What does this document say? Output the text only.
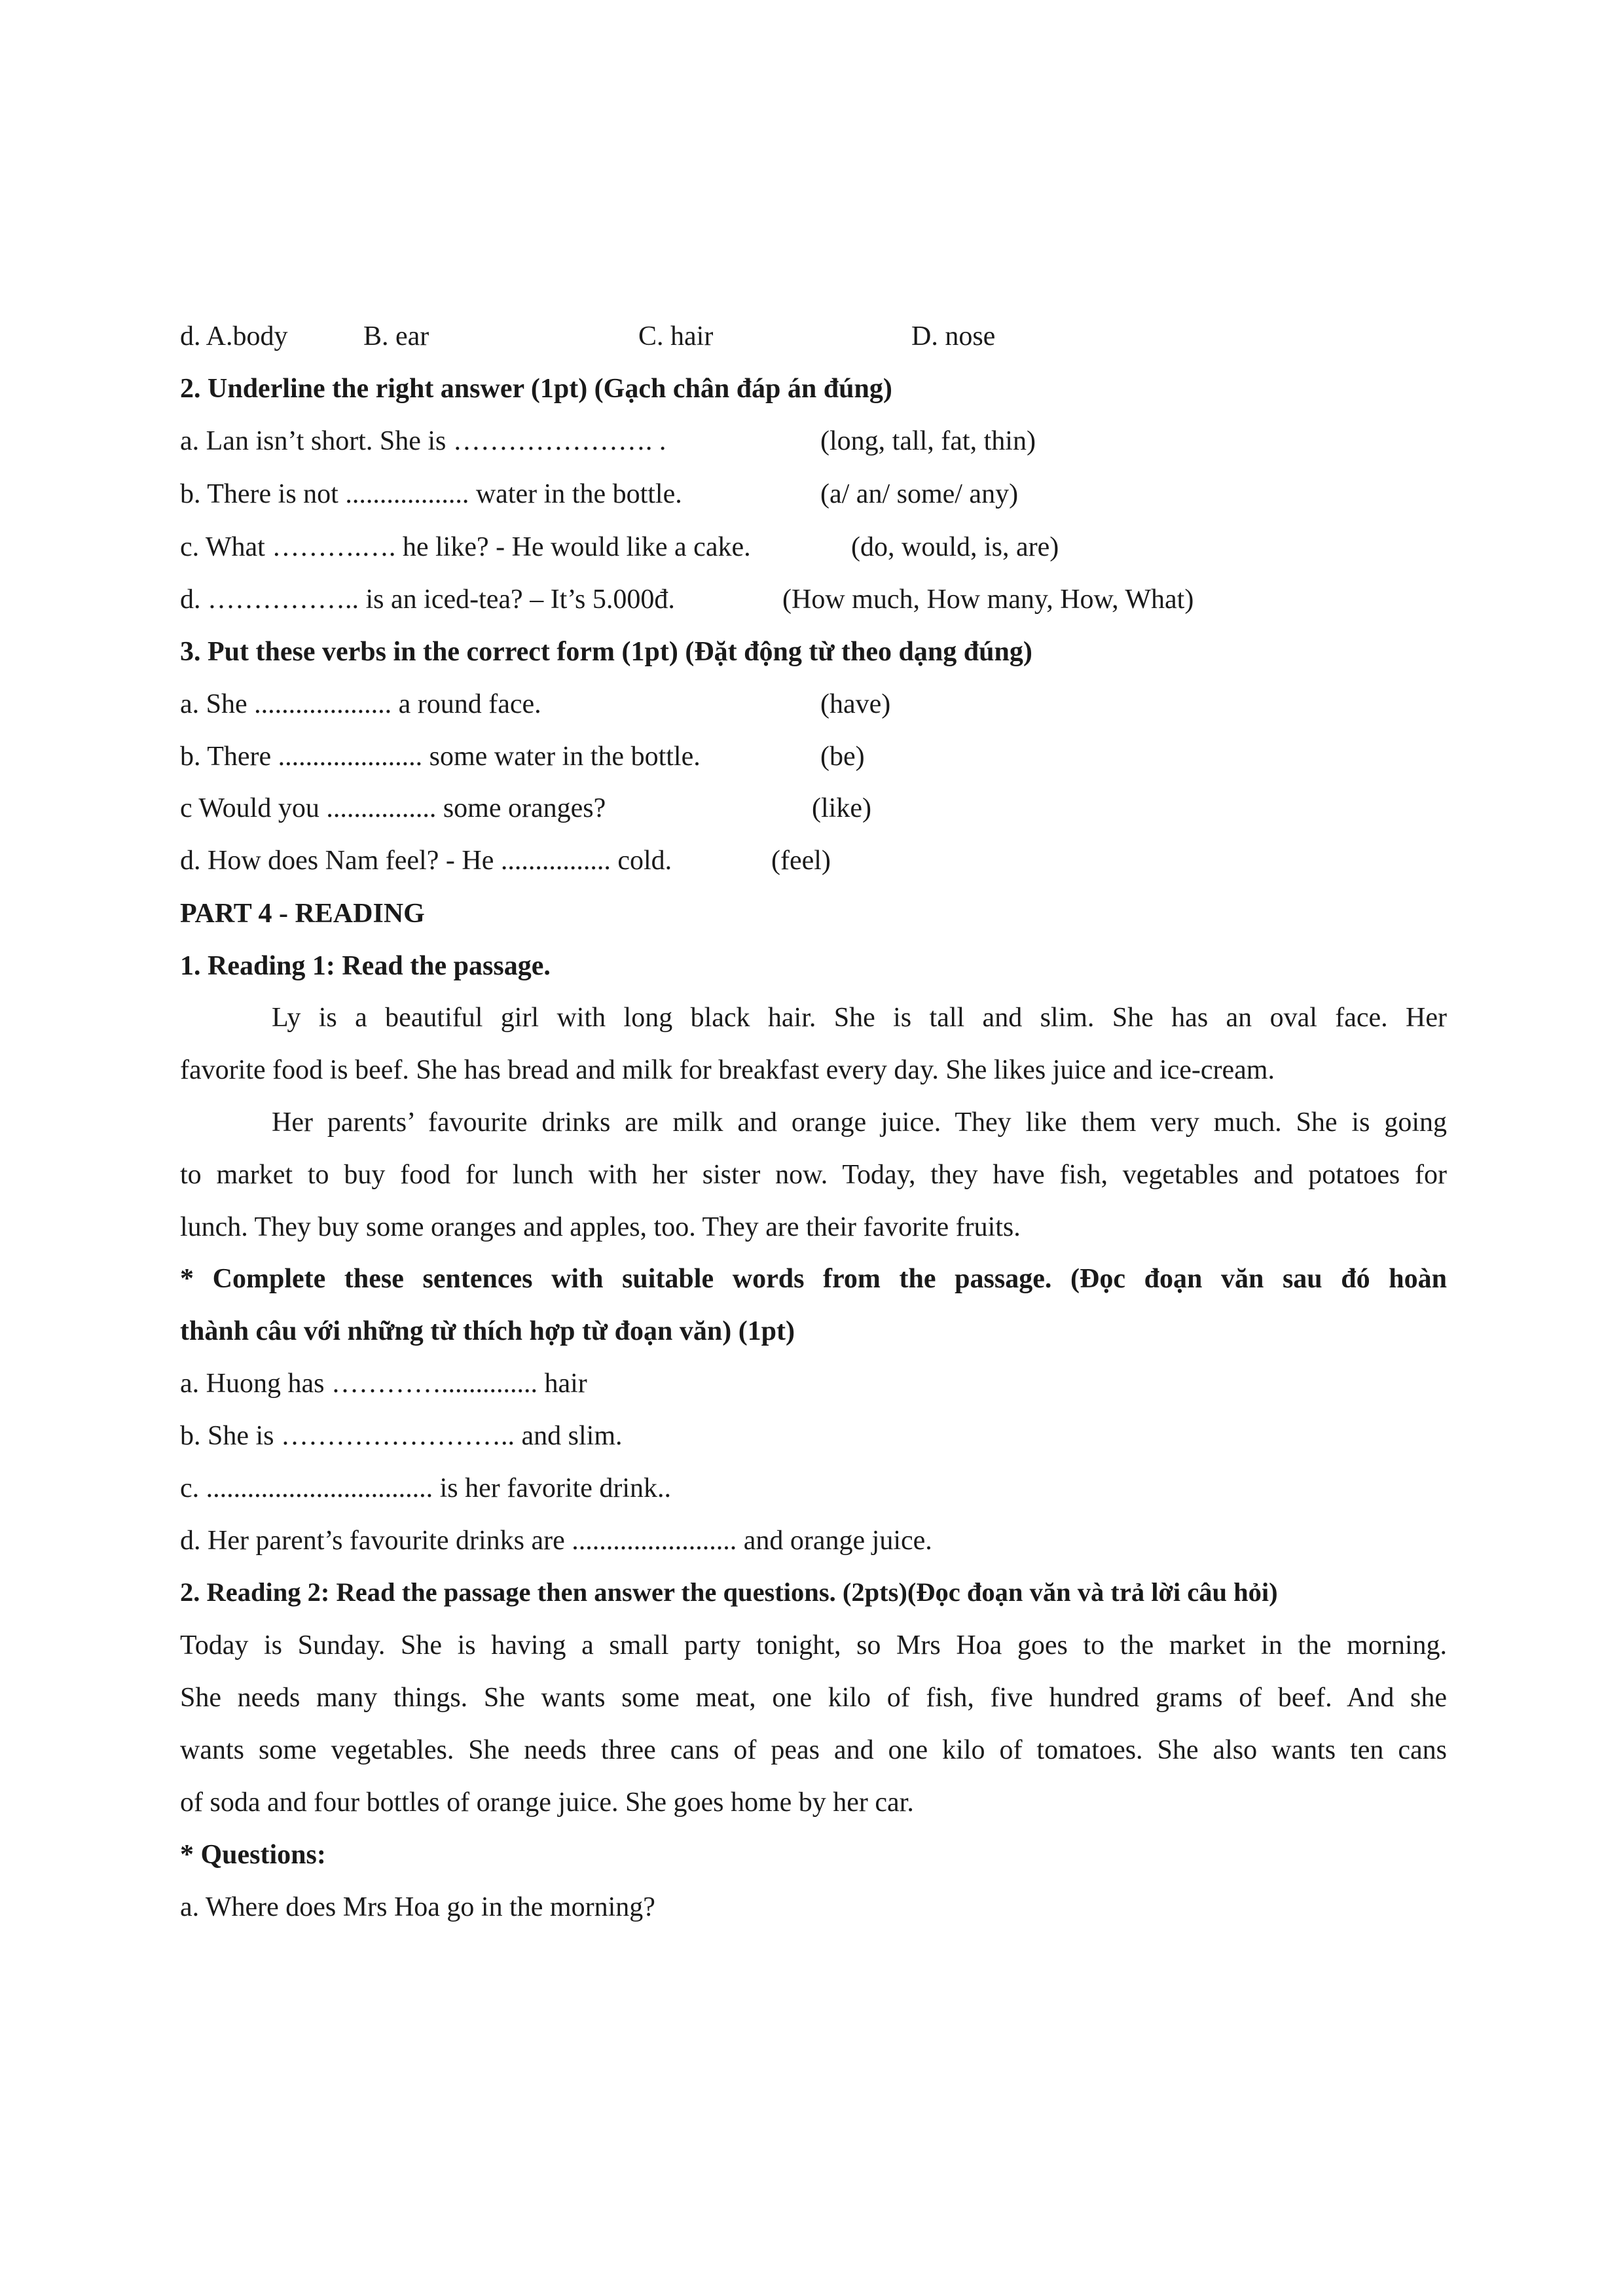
d. A.body	B. ear	C. hair	D. nose
2. Underline the right answer (1pt) (Gạch chân đáp án đúng)
a. Lan isn’t short. She is …………………. .	(long, tall, fat, thin)
b. There is not .................. water in the bottle.	(a/ an/ some/ any)
c. What ……….…. he like? - He would like a cake.	(do, would, is, are)
d. …………….. is an iced-tea? – It’s 5.000đ.	(How much, How many, How, What)
3. Put these verbs in the correct form (1pt) (Đặt động từ theo dạng đúng)
a. She .................... a round face.	(have)
b. There ..................... some water in the bottle.	(be)
c Would you ................ some oranges?	(like)
d. How does Nam feel? - He ................ cold.	(feel)
PART 4 - READING
1. Reading 1: Read the passage.
Ly is a beautiful girl with long black hair. She is tall and slim. She has an oval face. Her
favorite food is beef. She has bread and milk for breakfast every day. She likes juice and ice-cream.
Her parents’ favourite drinks are milk and orange juice. They like them very much. She is going
to market to buy food for lunch with her sister now. Today, they have fish, vegetables and potatoes for
lunch. They buy some oranges and apples, too. They are their favorite fruits.
* Complete these sentences with suitable words from the passage. (Đọc đoạn văn sau đó hoàn
thành câu với những từ thích hợp từ đoạn văn) (1pt)
a. Huong has ………….............. hair
b. She is …………………….. and slim.
c. ................................. is her favorite drink..
d. Her parent’s favourite drinks are ........................ and orange juice.
2. Reading 2: Read the passage then answer the questions. (2pts)(Đọc đoạn văn và trả lời câu hỏi)
Today is Sunday. She is having a small party tonight, so Mrs Hoa goes to the market in the morning.
She needs many things. She wants some meat, one kilo of fish, five hundred grams of beef. And she
wants some vegetables. She needs three cans of peas and one kilo of tomatoes. She also wants ten cans
of soda and four bottles of orange juice. She goes home by her car.
* Questions:
a. Where does Mrs Hoa go in the morning?
